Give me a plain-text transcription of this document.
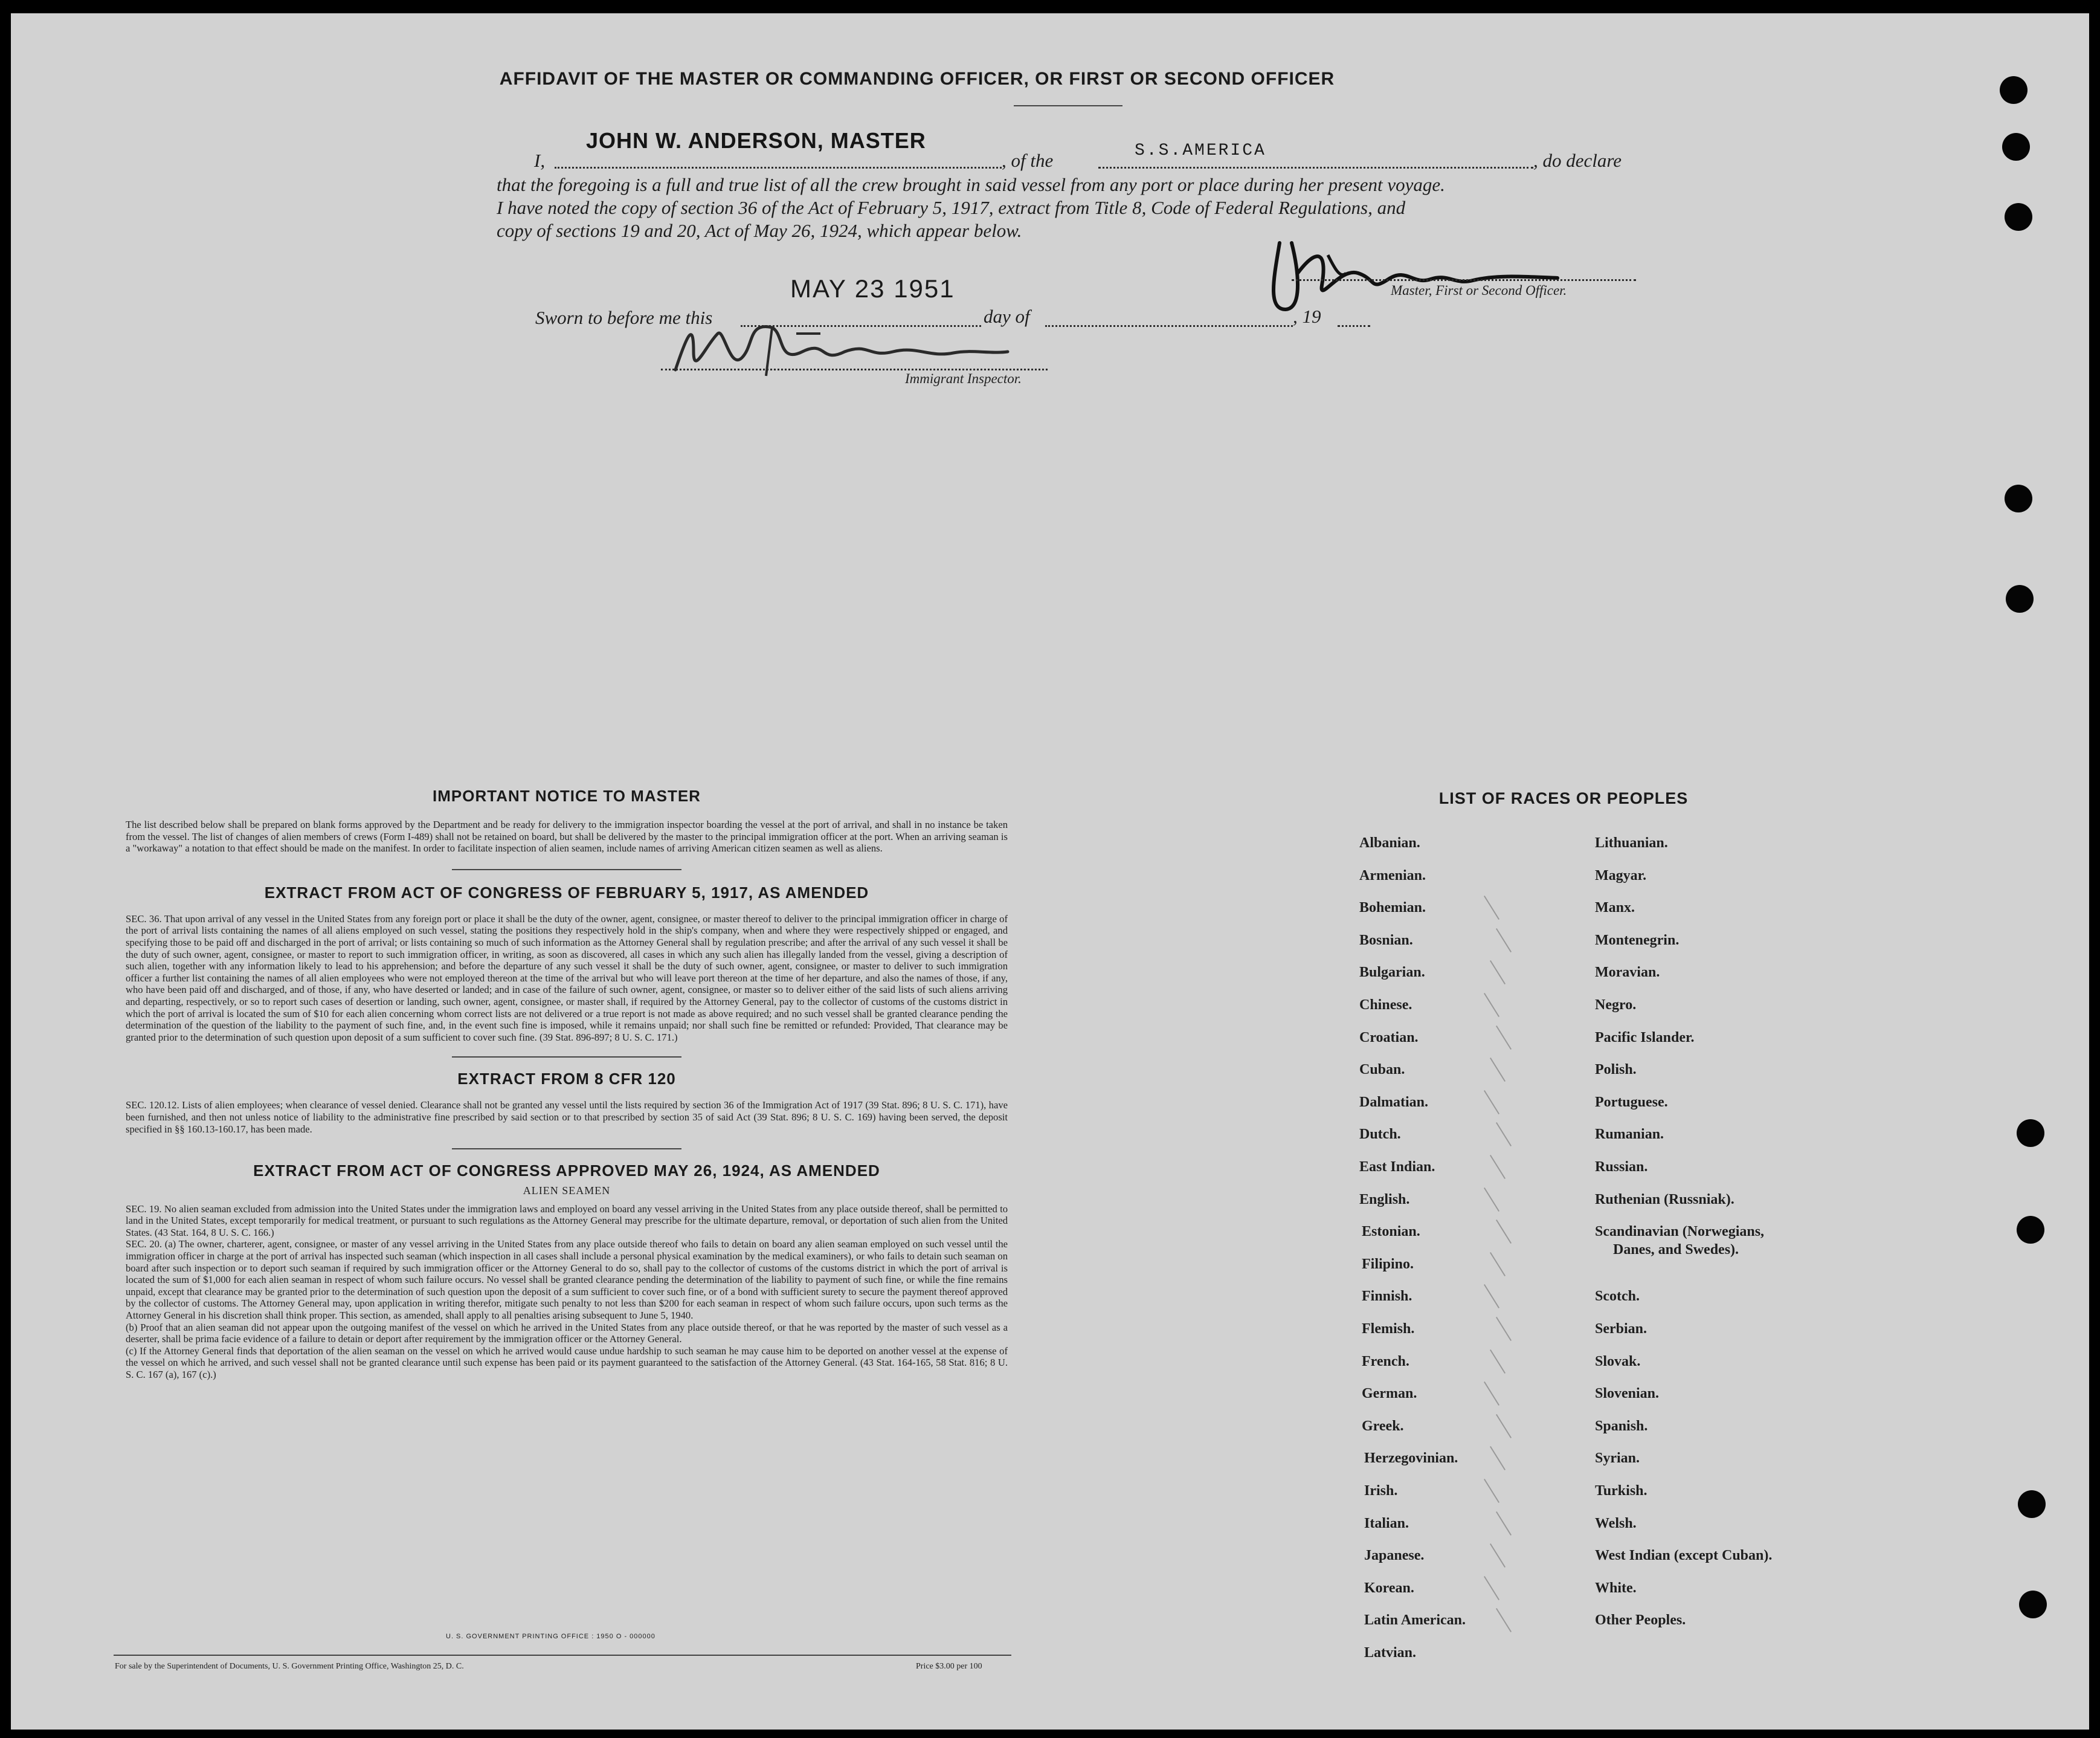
AFFIDAVIT OF THE MASTER OR COMMANDING OFFICER, OR FIRST OR SECOND OFFICER
I,
JOHN W. ANDERSON, MASTER
, of the	S.S.AMERICA	, do declare
that the foregoing is a full and true list of all the crew brought in said vessel from any port or place during her present voyage.
I have noted the copy of section 36 of the Act of February 5, 1917, extract from Title 8, Code of Federal Regulations, and
copy of sections 19 and 20, Act of May 26, 1924, which appear below.
Master, First or Second Officer.
MAY 23 1951
Sworn to before me this	day of	, 19
Immigrant Inspector.
IMPORTANT NOTICE TO MASTER

The list described below shall be prepared on blank forms approved by the Department and be ready for delivery to the immigration inspector boarding the vessel at the port of arrival, and shall in no instance be taken from the vessel. The list of changes of alien members of crews (Form I-489) shall not be retained on board, but shall be delivered by the master to the principal immigration officer at the port. When an arriving seaman is a "workaway" a notation to that effect should be made on the manifest. In order to facilitate inspection of alien seamen, include names of arriving American citizen seamen as well as aliens.

EXTRACT FROM ACT OF CONGRESS OF FEBRUARY 5, 1917, AS AMENDED

SEC. 36. That upon arrival of any vessel in the United States from any foreign port or place it shall be the duty of the owner, agent, consignee, or master thereof to deliver to the principal immigration officer in charge of the port of arrival lists containing the names of all aliens employed on such vessel, stating the positions they respectively hold in the ship's company, when and where they were respectively shipped or engaged, and specifying those to be paid off and discharged in the port of arrival; or lists containing so much of such information as the Attorney General shall by regulation prescribe; and after the arrival of any such vessel it shall be the duty of such owner, agent, consignee, or master to report to such immigration officer, in writing, as soon as discovered, all cases in which any such alien has illegally landed from the vessel, giving a description of such alien, together with any information likely to lead to his apprehension; and before the departure of any such vessel it shall be the duty of such owner, agent, consignee, or master to deliver to such immigration officer a further list containing the names of all alien employees who were not employed thereon at the time of the arrival but who will leave port thereon at the time of her departure, and also the names of those, if any, who have been paid off and discharged, and of those, if any, who have deserted or landed; and in case of the failure of such owner, agent, consignee, or master so to deliver either of the said lists of such aliens arriving and departing, respectively, or so to report such cases of desertion or landing, such owner, agent, consignee, or master shall, if required by the Attorney General, pay to the collector of customs of the customs district in which the port of arrival is located the sum of $10 for each alien concerning whom correct lists are not delivered or a true report is not made as above required; and no such vessel shall be granted clearance pending the determination of the question of the liability to the payment of such fine, and, in the event such fine is imposed, while it remains unpaid; nor shall such fine be remitted or refunded: Provided, That clearance may be granted prior to the determination of such question upon deposit of a sum sufficient to cover such fine. (39 Stat. 896-897; 8 U. S. C. 171.)

EXTRACT FROM 8 CFR 120

SEC. 120.12. Lists of alien employees; when clearance of vessel denied. Clearance shall not be granted any vessel until the lists required by section 36 of the Immigration Act of 1917 (39 Stat. 896; 8 U. S. C. 171), have been furnished, and then not unless notice of liability to the administrative fine prescribed by said section or to that prescribed by section 35 of said Act (39 Stat. 896; 8 U. S. C. 169) having been served, the deposit specified in §§ 160.13-160.17, has been made.

EXTRACT FROM ACT OF CONGRESS APPROVED MAY 26, 1924, AS AMENDED
ALIEN SEAMEN

SEC. 19. No alien seaman excluded from admission into the United States under the immigration laws and employed on board any vessel arriving in the United States from any place outside thereof, shall be permitted to land in the United States, except temporarily for medical treatment, or pursuant to such regulations as the Attorney General may prescribe for the ultimate departure, removal, or deportation of such alien from the United States. (43 Stat. 164, 8 U. S. C. 166.)

SEC. 20. (a) The owner, charterer, agent, consignee, or master of any vessel arriving in the United States from any place outside thereof who fails to detain on board any alien seaman employed on such vessel until the immigration officer in charge at the port of arrival has inspected such seaman (which inspection in all cases shall include a personal physical examination by the medical examiners), or who fails to detain such seaman on board after such inspection or to deport such seaman if required by such immigration officer or the Attorney General to do so, shall pay to the collector of customs of the customs district in which the port of arrival is located the sum of $1,000 for each alien seaman in respect of whom such failure occurs. No vessel shall be granted clearance pending the determination of the liability to payment of such fine, or while the fine remains unpaid, except that clearance may be granted prior to the determination of such question upon the deposit of a sum sufficient to cover such fine, or of a bond with sufficient surety to secure the payment thereof approved by the collector of customs. The Attorney General may, upon application in writing therefor, mitigate such penalty to not less than $200 for each seaman in respect of whom such failure occurs, upon such terms as the Attorney General in his discretion shall think proper. This section, as amended, shall apply to all penalties arising subsequent to June 5, 1940.

(b) Proof that an alien seaman did not appear upon the outgoing manifest of the vessel on which he arrived in the United States from any place outside thereof, or that he was reported by the master of such vessel as a deserter, shall be prima facie evidence of a failure to detain or deport after requirement by the immigration officer or the Attorney General.

(c) If the Attorney General finds that deportation of the alien seaman on the vessel on which he arrived would cause undue hardship to such seaman he may cause him to be deported on another vessel at the expense of the vessel on which he arrived, and such vessel shall not be granted clearance until such expense has been paid or its payment guaranteed to the satisfaction of the Attorney General. (43 Stat. 164-165, 58 Stat. 816; 8 U. S. C. 167 (a), 167 (c).)

U. S. GOVERNMENT PRINTING OFFICE : 1950 O - 000000
For sale by the Superintendent of Documents, U. S. Government Printing Office, Washington 25, D. C.	Price $3.00 per 100
LIST OF RACES OR PEOPLES
Albanian.
Armenian.
Bohemian.
Bosnian.
Bulgarian.
Chinese.
Croatian.
Cuban.
Dalmatian.
Dutch.
East Indian.
English.
Estonian.
Filipino.
Finnish.
Flemish.
French.
German.
Greek.
Herzegovinian.
Irish.
Italian.
Japanese.
Korean.
Latin American.
Latvian.
Lithuanian.
Magyar.
Manx.
Montenegrin.
Moravian.
Negro.
Pacific Islander.
Polish.
Portuguese.
Rumanian.
Russian.
Ruthenian (Russniak).
Scandinavian (Norwegians,
Danes, and Swedes).
Scotch.
Serbian.
Slovak.
Slovenian.
Spanish.
Syrian.
Turkish.
Welsh.
West Indian (except Cuban).
White.
Other Peoples.
